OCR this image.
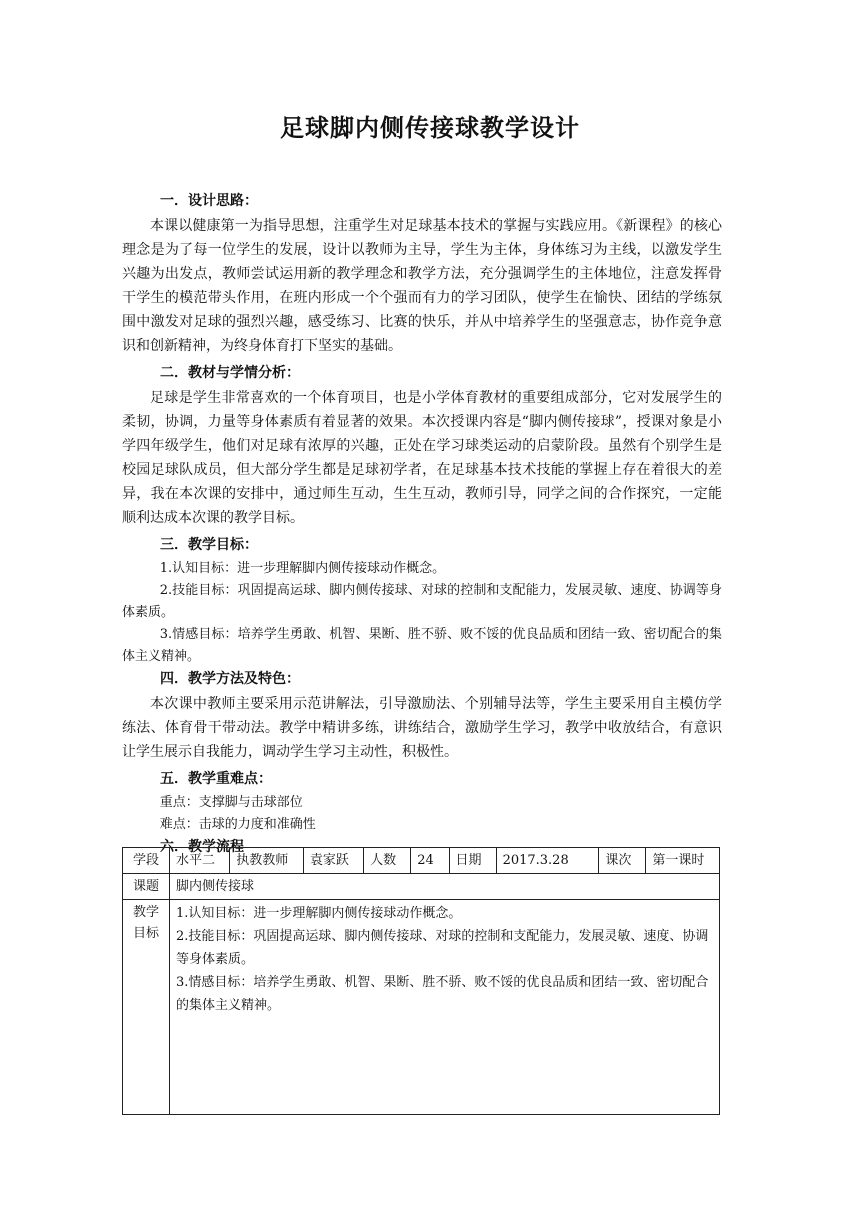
足球脚内侧传接球教学设计
一．设计思路：

本课以健康第一为指导思想，注重学生对足球基本技术的掌握与实践应用。《新课程》的核心理念是为了每一位学生的发展，设计以教师为主导，学生为主体，身体练习为主线，以激发学生兴趣为出发点，教师尝试运用新的教学理念和教学方法，充分强调学生的主体地位，注意发挥骨干学生的模范带头作用，在班内形成一个个强而有力的学习团队，使学生在愉快、团结的学练氛围中激发对足球的强烈兴趣，感受练习、比赛的快乐，并从中培养学生的坚强意志，协作竞争意识和创新精神，为终身体育打下坚实的基础。

二．教材与学情分析：

足球是学生非常喜欢的一个体育项目，也是小学体育教材的重要组成部分，它对发展学生的柔韧，协调，力量等身体素质有着显著的效果。本次授课内容是“脚内侧传接球”，授课对象是小学四年级学生，他们对足球有浓厚的兴趣，正处在学习球类运动的启蒙阶段。虽然有个别学生是校园足球队成员，但大部分学生都是足球初学者，在足球基本技术技能的掌握上存在着很大的差异，我在本次课的安排中，通过师生互动，生生互动，教师引导，同学之间的合作探究，一定能顺利达成本次课的教学目标。

三．教学目标：

1.认知目标：进一步理解脚内侧传接球动作概念。

2.技能目标：巩固提高运球、脚内侧传接球、对球的控制和支配能力，发展灵敏、速度、协调等身体素质。

3.情感目标：培养学生勇敢、机智、果断、胜不骄、败不馁的优良品质和团结一致、密切配合的集体主义精神。

四．教学方法及特色：

本次课中教师主要采用示范讲解法，引导激励法、个别辅导法等，学生主要采用自主模仿学练法、体育骨干带动法。教学中精讲多练，讲练结合，激励学生学习，教学中收放结合，有意识让学生展示自我能力，调动学生学习主动性，积极性。

五．教学重难点：

重点：支撑脚与击球部位

难点：击球的力度和准确性

六．教学流程
学段	水平二	执教教师	袁家跃	人数	24	日期	2017.3.28	课次	第一课时
课题	脚内侧传接球								
教学目标	1.认知目标：进一步理解脚内侧传接球动作概念。

2.技能目标：巩固提高运球、脚内侧传接球、对球的控制和支配能力，发展灵敏、速度、协调等身体素质。

3.情感目标：培养学生勇敢、机智、果断、胜不骄、败不馁的优良品质和团结一致、密切配合的集体主义精神。								
